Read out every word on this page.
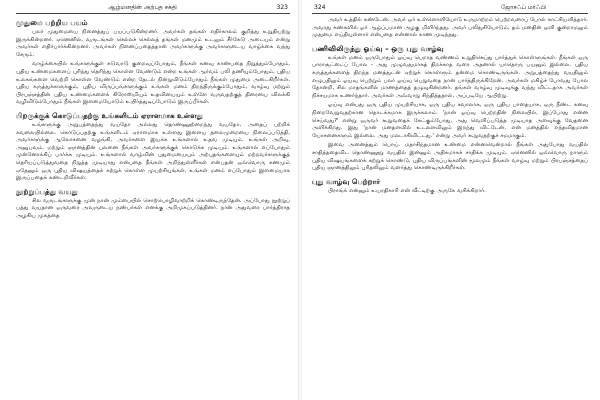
ஆழ்மனதின் அற்புத சக்தி	323
முதுமை பற்றிய பயம்

பலர் முதுமையை நினைத்துப் பயப்படுகின்றனர். அவர்கள் தங்கள் எதிர்காலம் குறித்து உறுதியற்று இருக்கின்றனர். ஏனெனில், வருடங்கள் செல்லச் செல்லத் தங்கள் மனமும் உடலும் சீர்கேடு அடையும் என்று அவர்கள் எதிர்பார்க்கின்றனர். அவர்கள் நினைப்பதைத்தான் அவர்களுக்கு அவர்களுடைய வாழ்க்கை வந்து சேரும்.

வாழ்க்கையில் உங்களுக்குள் சுடுவாடு குறைவுப்போதும், நீங்கள் கனவு காண்பதை நிறுத்தும்போதும், புதிய உண்மைகளைப் புரிந்து தெரிந்து கொள்ள வேண்டும் என்ற உங்கள் ஆர்வம் பலி தணியும்போதும், புதிய உலகங்களை வெற்றி கொள்ள வேண்டும் என்ற தேடல் நின்றுவிடும்போதும் நீங்கள் முதுமை அடைகிறீர்கள். புதிய கருத்துக்களுக்கும், புதிய விருப்பங்களுக்கும் உங்கள் மனம் திறந்திருக்கும்போதும், வாழ்வு மற்றும் பிரபஞ்சத்தின் புதிய உண்மைகளைக் கிரோஸ்மியும் உதவியையும் உள்ளே வருவதற்குத் திரையை விலக்கி வழிவிடும்போதும் நீங்கள் இளமையோடும் உயிர்த்துடிப்போடும் இருப்பீர்கள்.

பிறருக்குக் கொடுப்பதற்கு உங்களிடம் ஏராளமாக உள்ளது

உங்களுக்கு அறுபத்தைந்து வயதோ அல்லது தொண்ணூற்றைந்து வயதோ, அதைப் பற்றிக் கவலையில்லை. கொடுப்பதற்கு உங்களிடம் ஏராளமாக உள்ளது இளைய தலைமுறையை நிலைப்படுத்தி, அவர்களுக்கு ஆலோசனை வழங்கி, அவர்களை இயக்க உங்களால் உதவ முடியும். உங்கள் அறிவு, அனுபவம், மற்றும் ஞானத்தின் பலனை நீங்கள் அவர்களுக்குக் கொடுக்க முடியும். உங்களால் எப்போதும் முன்னோக்கிப் பார்க்க முடியும். உங்களால் வாழ்வின் புதுமையையும் அற்புதங்களையும் மற்றவர்களுக்குத் தெரியப்படுத்துவதை நிறுத்த முடியாது என்பதை நீங்கள் அறிந்துள்ளீர்கள் என்பதன் ஒவ்வொரு கணமும் ஏதேனும் ஒரு புதிய விஷயத்தைக் கற்றுக் கொள்ள முயற்சியுங்கள், உங்கள் மனம் எப்போதும் இளமையாக இருப்பதைக் கண்டறிவீர்கள்.

நூற்றுப்பத்து வயது

சில வருடங்களுக்கு முன் நான் மும்பையில் சொற்பொழிவாற்றிக் கொண்டிருந்தேன். அப்போது நூற்றுப் பத்து வயதான ஒருவரை அவருடைய நண்பர்கள் எனக்கு அறிமுகப்படுத்தினர். நான் அதுவரை பார்த்திராத அழகிய முகத்தை

324	ஜோசஃப் மர்ஃபி

அவர் உத்தில் கண்டேன். அவர் ஒர் உள்ளொளியோடு உருமாற்றம் பெற்றவரைப் போல் காட்சியளித்தார். அவரது கண்களில் ஓர் ஆழ்ப்பமான அழகு மிளிர்ந்தது. அவர் பலிதுசியோடும், தம் மனதின் ஒளி குன்றாமலும் முதுமை எய்தியுள்ளார் என்பதை என்னால் காண முடிந்தது.

பணிவிலிருந்து ஓய்வு – ஒரு புது வாழ்வு

உங்கள் மனம் ஒருபோதும் ஓய்வு பெறாத வண்ணம் உறுதிசெய்து பார்த்துக் கொள்ளுங்கள். நீங்கள் ஒரு பாராசூட்டைப் போல - அது முழுவதுமாகத் திறக்காத வரை அதனால் யாதொரு பயனும் இல்லை. புதிய கருத்துக்களைத் திறந்த மனத்துடன் ஏற்றுக் கொள்ளும் தன்மை கொண்டிருங்கள். அறுபத்தைந்து வயதிலும் எழுபதிலும் ஓய்வு பெற்றும் பலர் ஓய்வு பெறுவதை நான் பார்த்திருக்கிறேன். அவர்கள் மகிழ்ச் போவது போல தோன்றி, சில மாதங்களில் மரணத்தைத் தழுவுகின்றனர். தங்கள் வாழ்வு முடிவுக்கு வந்து விட்டதாக அவர்கள் நிச்சயமாக உணர்ந்தார். அவர்கள் அவ்வாறு சிந்தித்ததால், அப்படியே ஆயிற்று.

ஓய்வு என்பது ஒரு புதிய முயற்சியாக, ஒரு புதிய சவாலாக, ஒரு புதிய பாதையாக, ஒரு நீண்ட கனவு நிறைவேறுவதற்கான தொடக்கமாக இருக்கலாம். 'நான் ஓய்வு பெற்றதின் நிலையில், இப்போது என்ன செய்வது?' என்று ஒருவர் கூறுவதைக் கேட்கும்போது, அது வெளிப்படுத்த முடியாத அளவுக்கு வேதனை அளிக்கிறது. இது 'நான் மனதளவில் உடலளவிலும் இறந்து விட்டேன். என் மனத்தில் எந்தவிதமான யோசனைகளும் இல்லை. அது மலடாகிவிட்டது.' என்று அவர் கூறுவதற்குச் சமமாகும்.

இவை அனைத்தும் பொய். மதாசிந்தமான உண்மை என்னவென்றால் நீங்கள் அதுபோது வயதில் சாதித்ததைவிட தொண்ணூறு வயதில் இன்னும் அதிகமாகச் சாதிக்க முடியும். ஏனெனில் ஒவ்வொரு நாளும் புதிய விஷயங்களைக் கற்றுக் கொண்டு, புதிய விருப்பங்களின் மூலமும் நீங்கள் வாழ்வு மற்றும் பிரபஞ்சத்தைப் புதிய ஞானத்திலும் புரிதலிலும் வளர்த்து கொண்டிருக்கிறீர்கள்.

புது வாழ்வு பெற்றார்

பிராங்க் என்னும் உயரதிகாரி என் வீட்டிற்கு அருகே வசிக்கிறார்.
